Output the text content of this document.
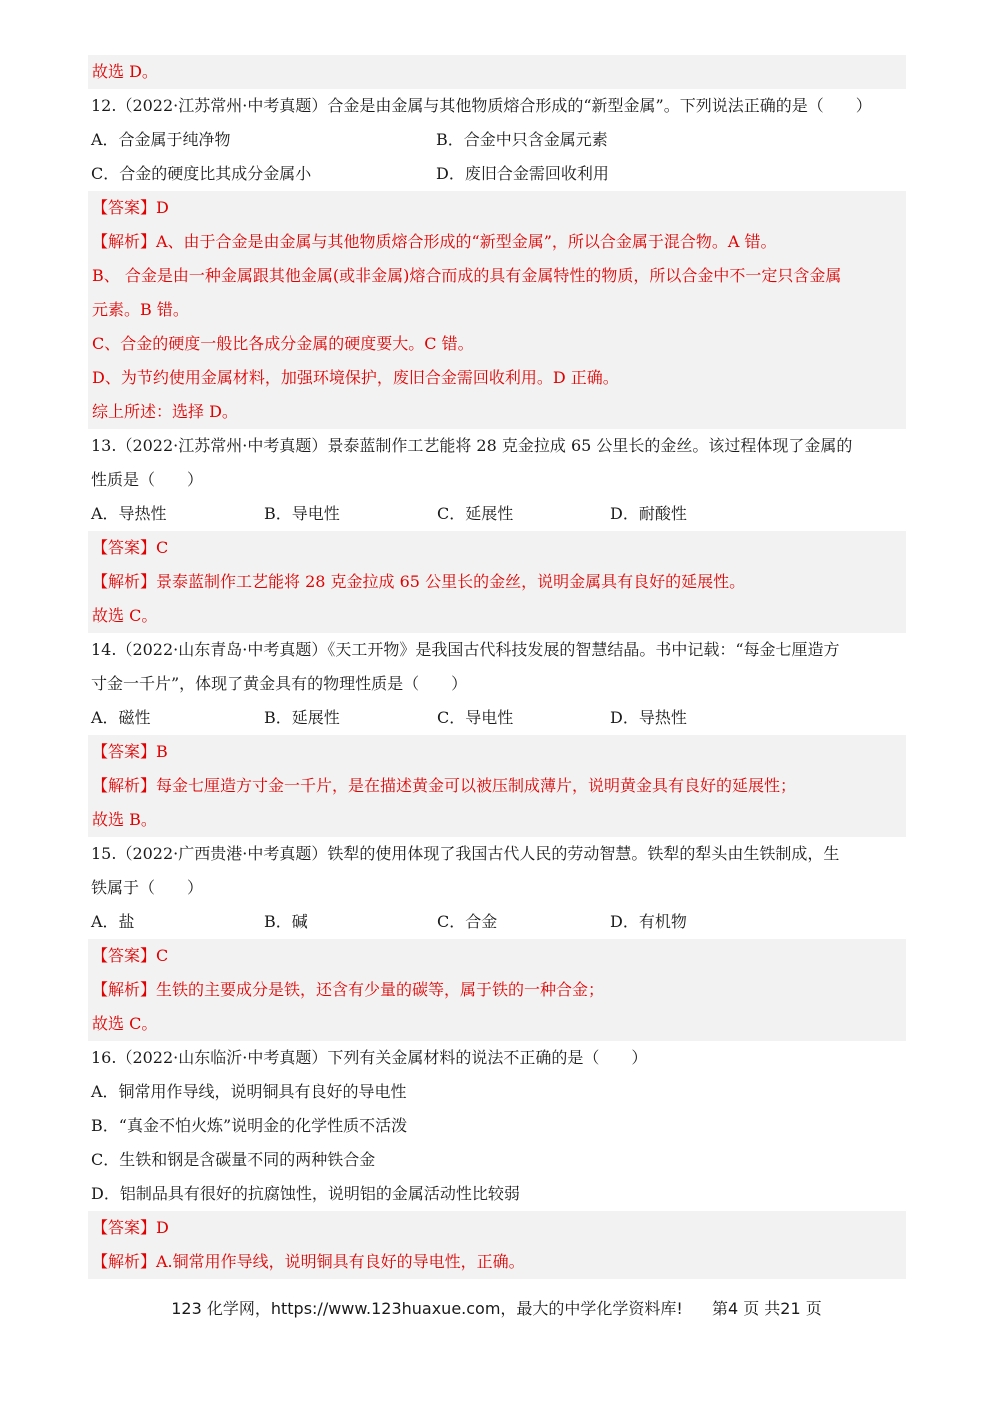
故选 D。
12.（2022·江苏常州·中考真题）合金是由金属与其他物质熔合形成的“新型金属”。下列说法正确的是（　　）
A．合金属于纯净物	B．合金中只含金属元素
C．合金的硬度比其成分金属小	D．废旧合金需回收利用
【答案】D
【解析】A、由于合金是由金属与其他物质熔合形成的“新型金属”，所以合金属于混合物。A 错。
B、 合金是由一种金属跟其他金属(或非金属)熔合而成的具有金属特性的物质，所以合金中不一定只含金属
元素。B 错。
C、合金的硬度一般比各成分金属的硬度要大。C 错。
D、为节约使用金属材料，加强环境保护，废旧合金需回收利用。D 正确。
综上所述：选择 D。
13.（2022·江苏常州·中考真题）景泰蓝制作工艺能将 28 克金拉成 65 公里长的金丝。该过程体现了金属的
性质是（　　）
A．导热性	B．导电性	C．延展性	D．耐酸性
【答案】C
【解析】景泰蓝制作工艺能将 28 克金拉成 65 公里长的金丝，说明金属具有良好的延展性。
故选 C。
14.（2022·山东青岛·中考真题）《天工开物》是我国古代科技发展的智慧结晶。书中记载：“每金七厘造方
寸金一千片”，体现了黄金具有的物理性质是（　　）
A．磁性	B．延展性	C．导电性	D．导热性
【答案】B
【解析】每金七厘造方寸金一千片，是在描述黄金可以被压制成薄片，说明黄金具有良好的延展性；
故选 B。
15.（2022·广西贵港·中考真题）铁犁的使用体现了我国古代人民的劳动智慧。铁犁的犁头由生铁制成，生
铁属于（　　）
A．盐	B．碱	C．合金	D．有机物
【答案】C
【解析】生铁的主要成分是铁，还含有少量的碳等，属于铁的一种合金；
故选 C。
16.（2022·山东临沂·中考真题）下列有关金属材料的说法不正确的是（　　）
A．铜常用作导线，说明铜具有良好的导电性
B．“真金不怕火炼”说明金的化学性质不活泼
C．生铁和钢是含碳量不同的两种铁合金
D．铝制品具有很好的抗腐蚀性，说明铝的金属活动性比较弱
【答案】D
【解析】A.铜常用作导线，说明铜具有良好的导电性，正确。
123 化学网，https://www.123huaxue.com，最大的中学化学资料库! 第4 页 共21 页
